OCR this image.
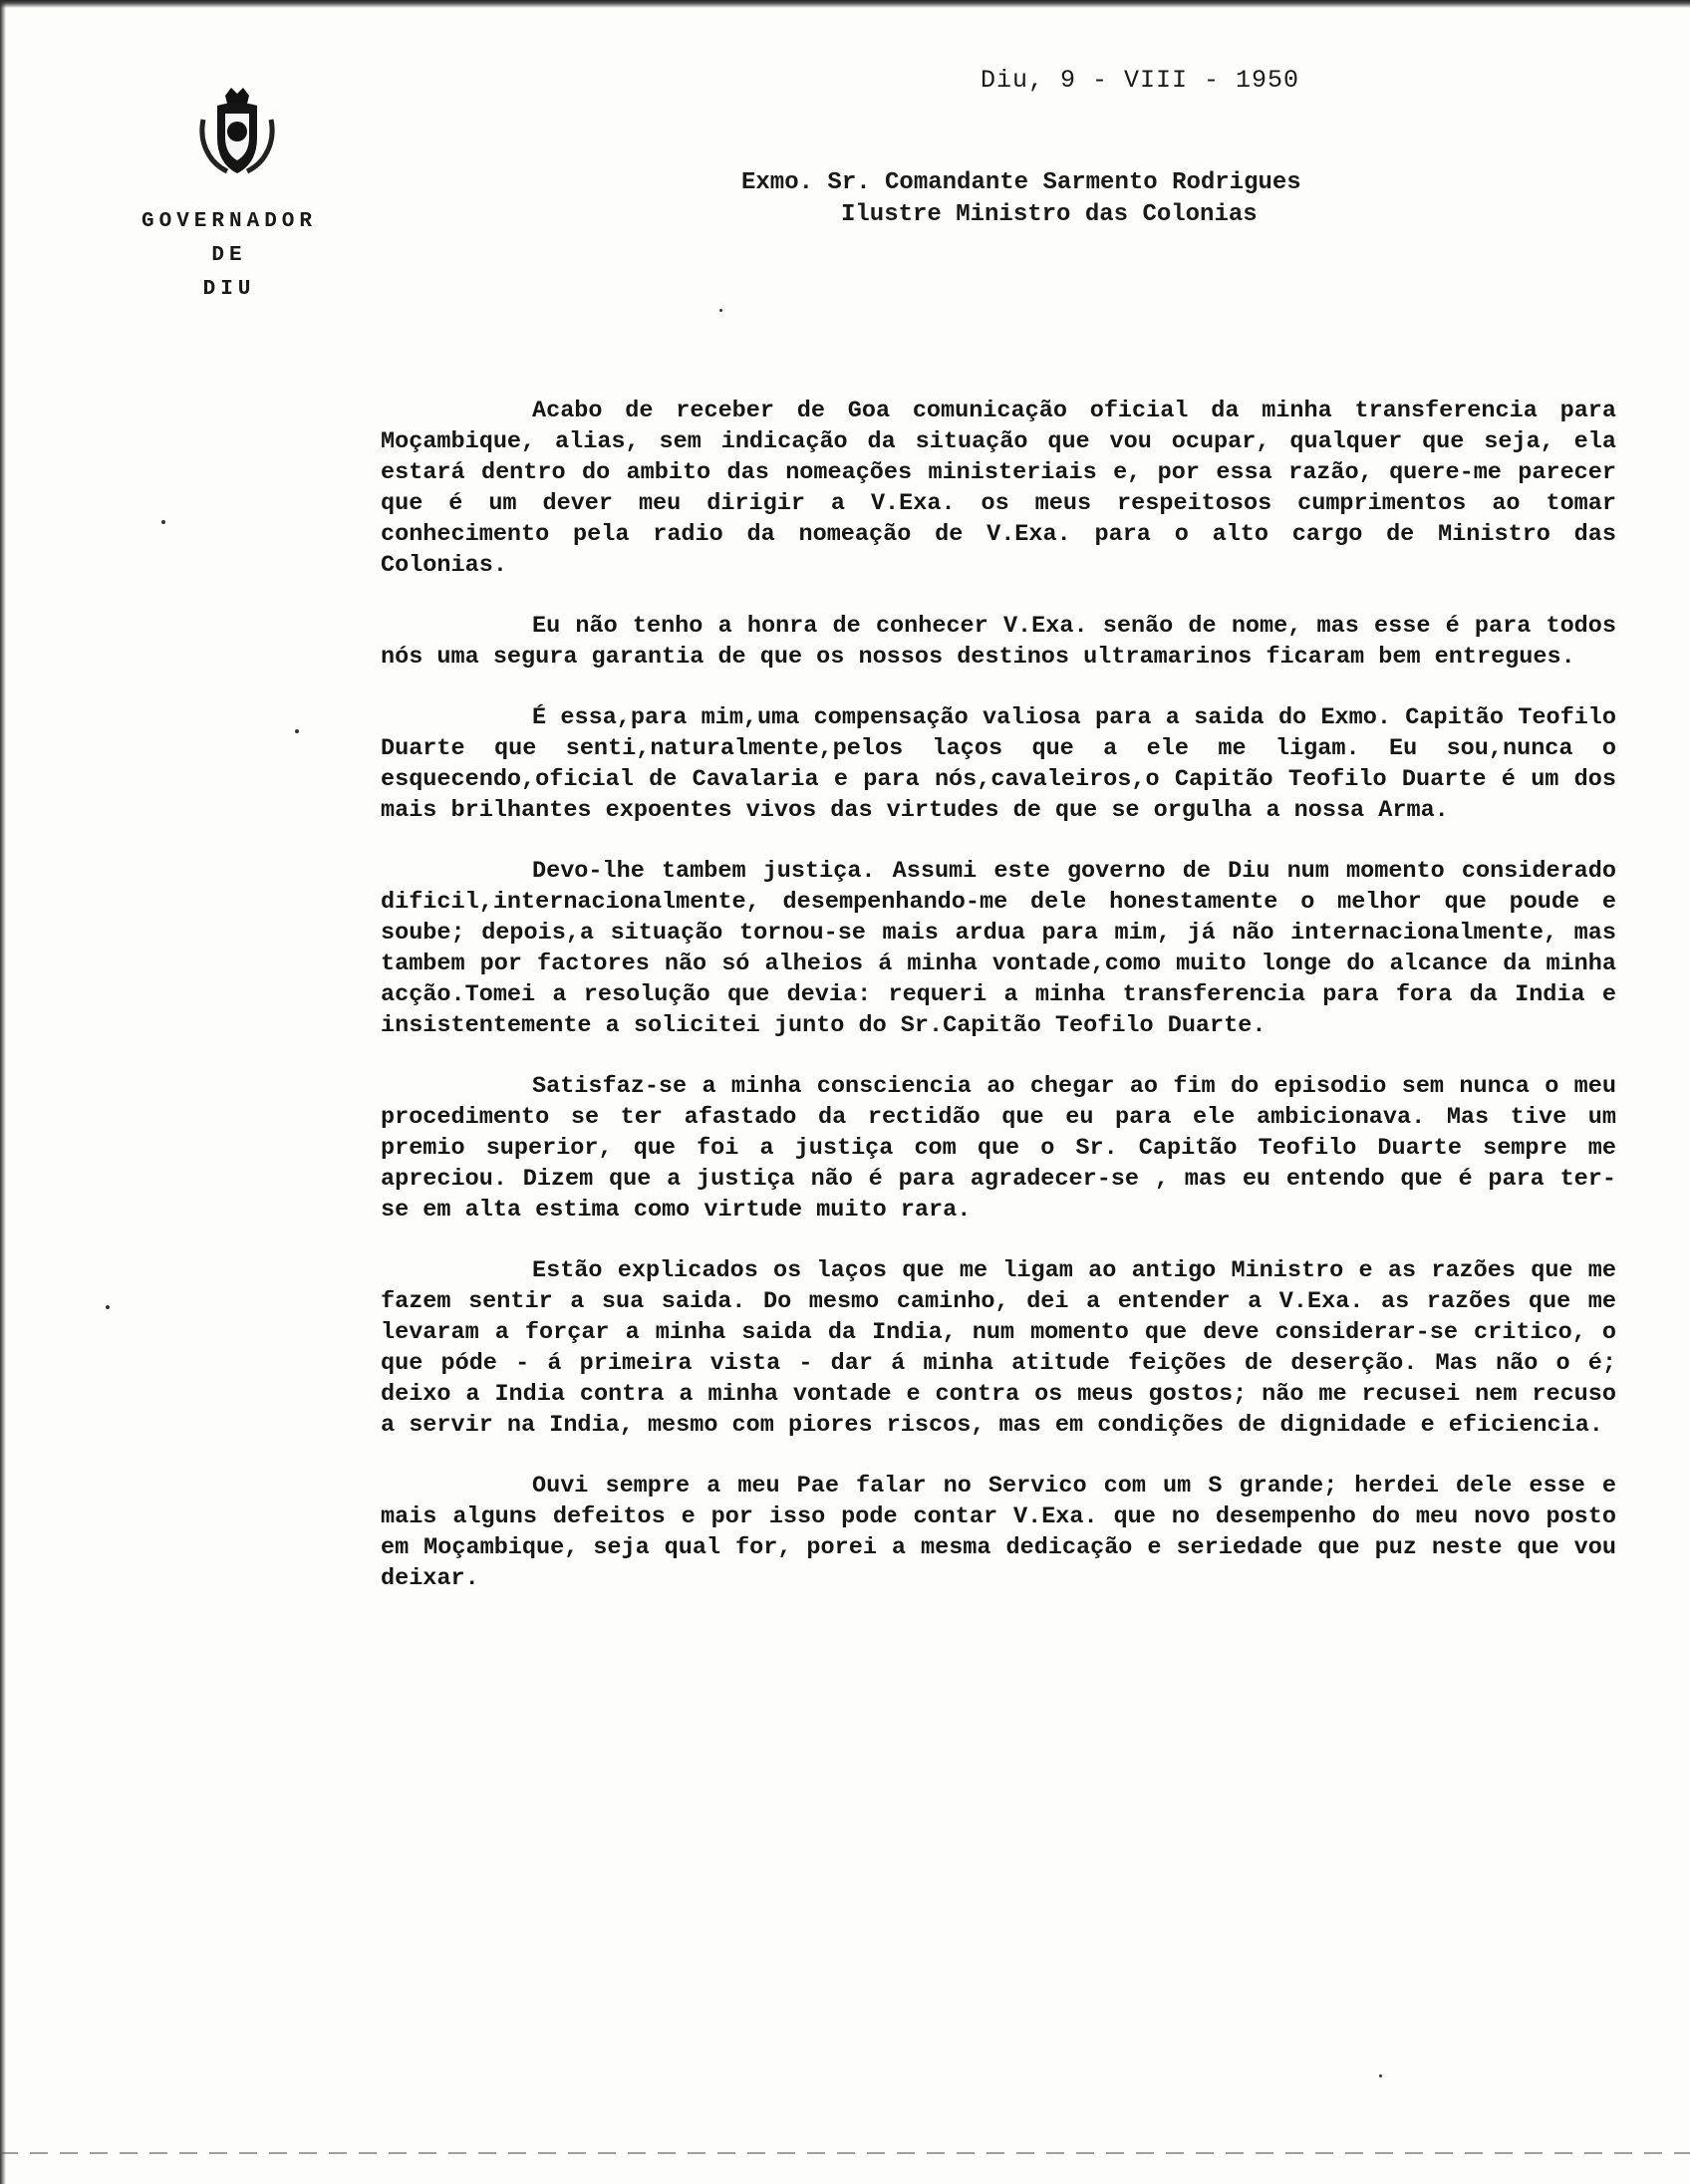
GOVERNADOR
DE
DIU
Diu, 9 - VIII - 1950
Exmo. Sr. Comandante Sarmento Rodrigues
Ilustre Ministro das Colonias

Acabo de receber de Goa comunicação oficial da minha transferencia para Moçambique, alias, sem indicação da situação que vou ocupar, qualquer que seja, ela estará dentro do ambito das nomeações ministeriais e, por essa razão, quere-me parecer que é um dever meu dirigir a V.Exa. os meus respeitosos cumprimentos ao tomar conhecimento pela radio da nomeação de V.Exa. para o alto cargo de Ministro das Colonias.

Eu não tenho a honra de conhecer V.Exa. senão de nome, mas esse é para todos nós uma segura garantia de que os nossos destinos ultramarinos ficaram bem entregues.

É essa,para mim,uma compensação valiosa para a saida do Exmo. Capitão Teofilo Duarte que senti,naturalmente,pelos laços que a ele me ligam. Eu sou,nunca o esquecendo,oficial de Cavalaria e para nós,cavaleiros,o Capitão Teofilo Duarte é um dos mais brilhantes expoentes vivos das virtudes de que se orgulha a nossa Arma.

Devo-lhe tambem justiça. Assumi este governo de Diu num momento considerado dificil,internacionalmente, desempenhando-me dele honestamente o melhor que poude e soube; depois,a situação tornou-se mais ardua para mim, já não internacionalmente, mas tambem por factores não só alheios á minha vontade,como muito longe do alcance da minha acção.Tomei a resolução que devia: requeri a minha transferencia para fora da India e insistentemente a solicitei junto do Sr.Capitão Teofilo Duarte.

Satisfaz-se a minha consciencia ao chegar ao fim do episodio sem nunca o meu procedimento se ter afastado da rectidão que eu para ele ambicionava. Mas tive um premio superior, que foi a justiça com que o Sr. Capitão Teofilo Duarte sempre me apreciou. Dizem que a justiça não é para agradecer-se , mas eu entendo que é para ter-se em alta estima como virtude muito rara.

Estão explicados os laços que me ligam ao antigo Ministro e as razões que me fazem sentir a sua saida. Do mesmo caminho, dei a entender a V.Exa. as razões que me levaram a forçar a minha saida da India, num momento que deve considerar-se critico, o que póde - á primeira vista - dar á minha atitude feições de deserção. Mas não o é; deixo a India contra a minha vontade e contra os meus gostos; não me recusei nem recuso a servir na India, mesmo com piores riscos, mas em condições de dignidade e eficiencia.

Ouvi sempre a meu Pae falar no Servico com um S grande; herdei dele esse e mais alguns defeitos e por isso pode contar V.Exa. que no desempenho do meu novo posto em Moçambique, seja qual for, porei a mesma dedicação e seriedade que puz neste que vou deixar.
